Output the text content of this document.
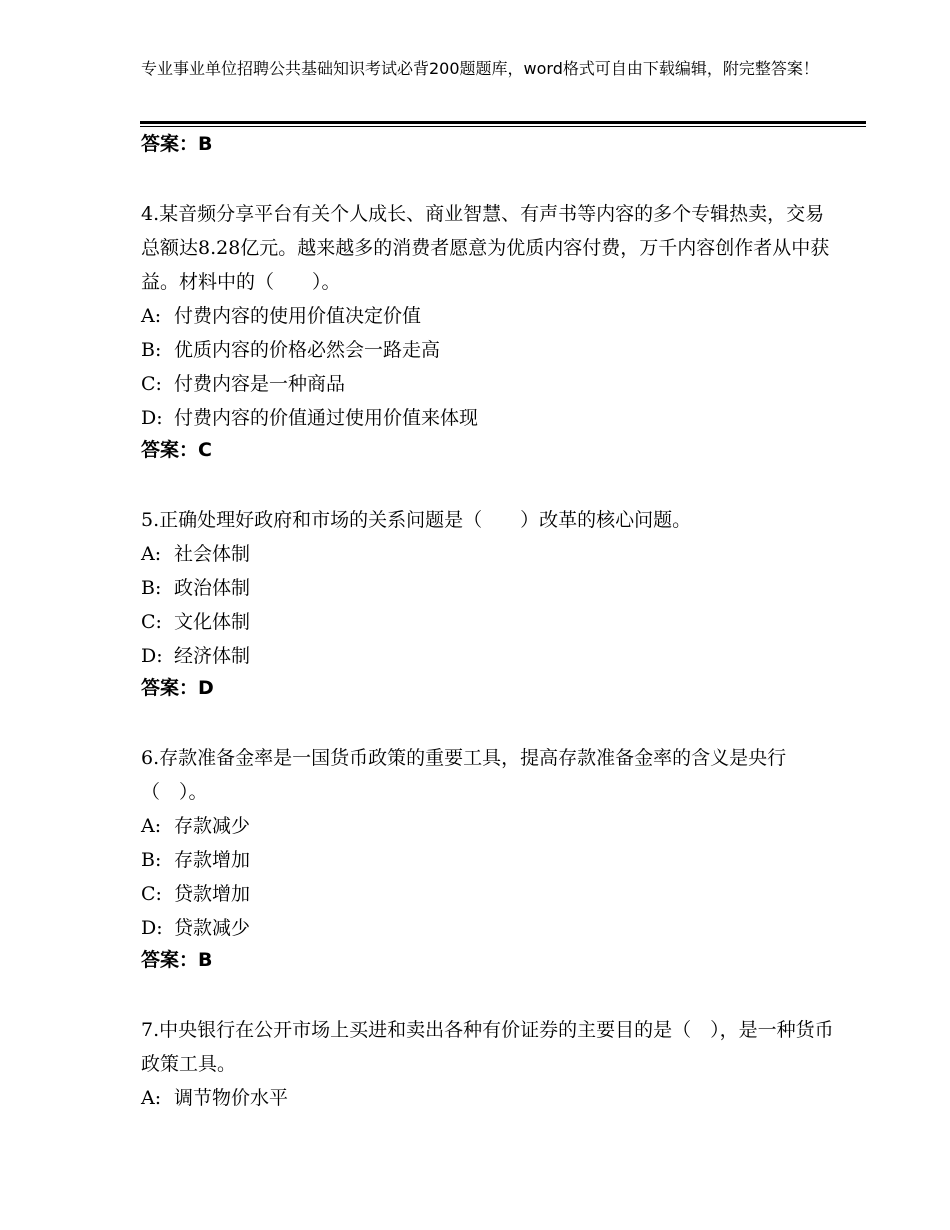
专业事业单位招聘公共基础知识考试必背200题题库，word格式可自由下载编辑，附完整答案！
答案：B

4.某音频分享平台有关个人成长、商业智慧、有声书等内容的多个专辑热卖，交易总额达8.28亿元。越来越多的消费者愿意为优质内容付费，万千内容创作者从中获益。材料中的（　　）。

A: 付费内容的使用价值决定价值
B: 优质内容的价格必然会一路走高
C: 付费内容是一种商品
D: 付费内容的价值通过使用价值来体现
答案：C

5.正确处理好政府和市场的关系问题是（　　）改革的核心问题。

A: 社会体制
B: 政治体制
C: 文化体制
D: 经济体制
答案：D

6.存款准备金率是一国货币政策的重要工具，提高存款准备金率的含义是央行（　）。

A: 存款减少
B: 存款增加
C: 贷款增加
D: 贷款减少
答案：B

7.中央银行在公开市场上买进和卖出各种有价证券的主要目的是（　），是一种货币政策工具。

A: 调节物价水平
